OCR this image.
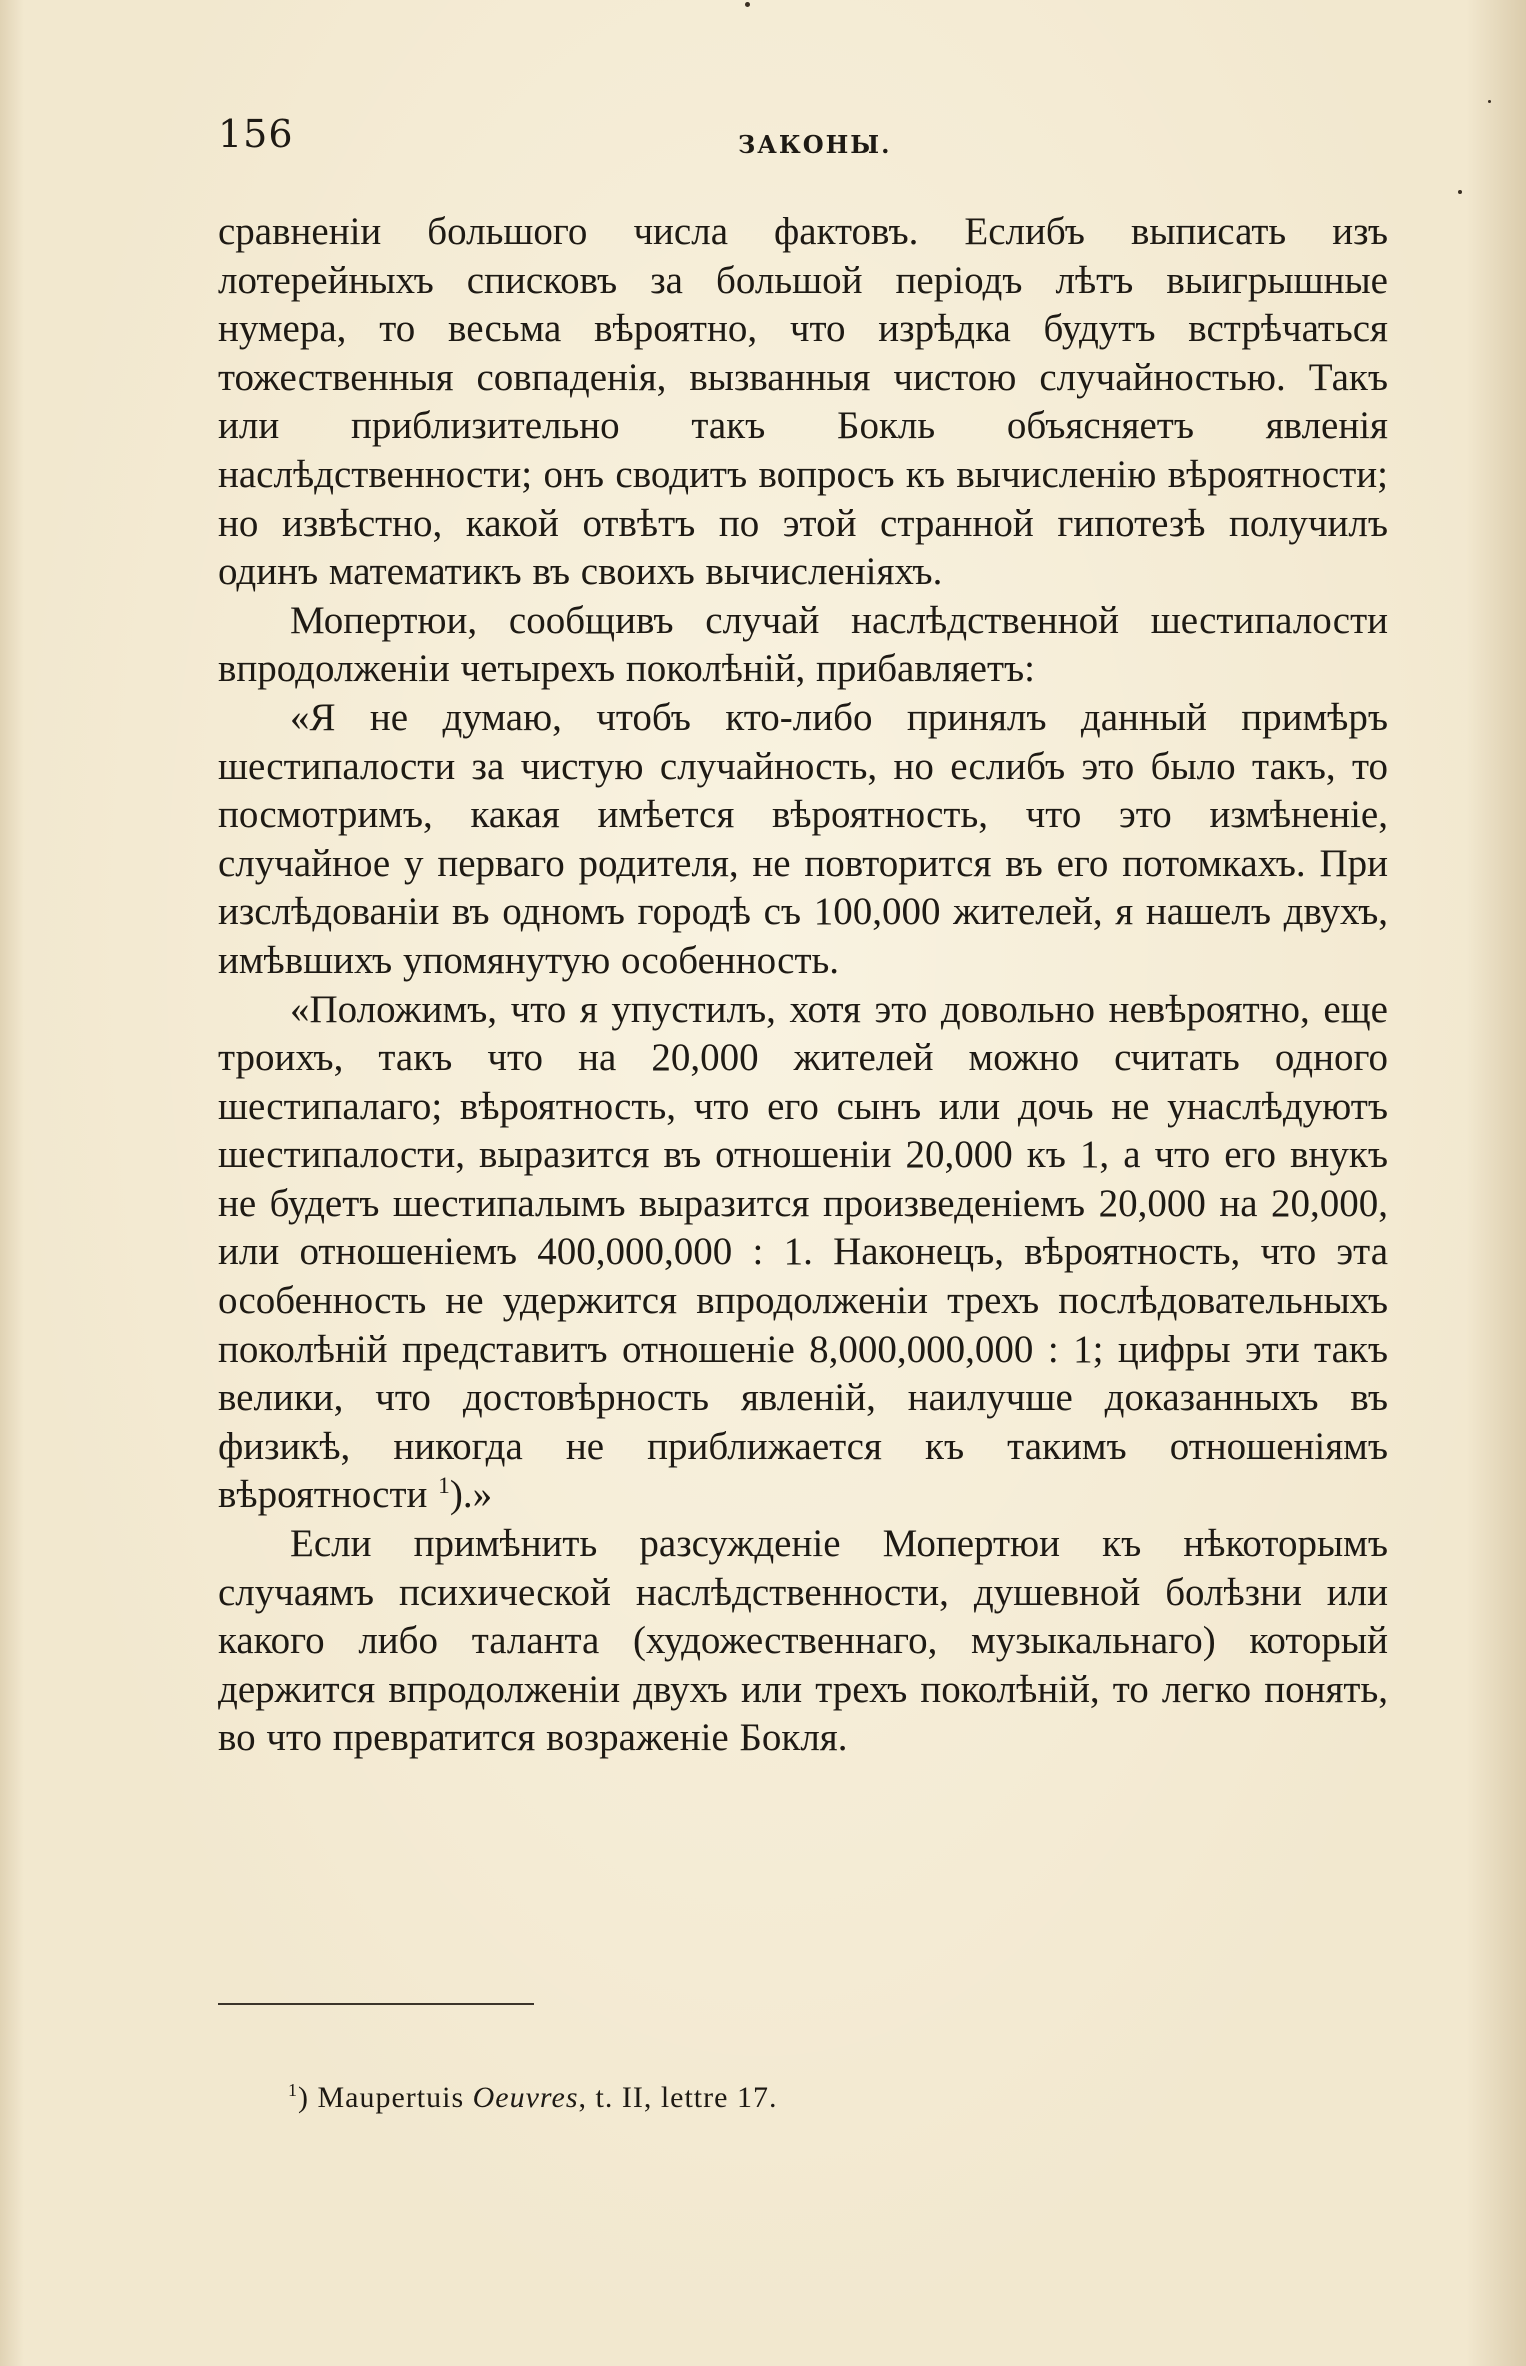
156	ЗАКОНЫ.

сравненіи большого числа фактовъ. Еслибъ выписать изъ лотерейныхъ списковъ за большой періодъ лѣтъ выигрышные нумера, то весьма вѣроятно, что изрѣдка будутъ встрѣчаться тожественныя совпаденія, вызванныя чистою случайностью. Такъ или приблизительно такъ Бокль объясняетъ явленія наслѣдственности; онъ сводитъ вопросъ къ вычисленію вѣроятности; но извѣстно, какой отвѣтъ по этой странной гипотезѣ получилъ одинъ математикъ въ своихъ вычисленіяхъ.

Мопертюи, сообщивъ случай наслѣдственной шестипалости впродолженіи четырехъ поколѣній, прибавляетъ:

«Я не думаю, чтобъ кто-либо принялъ данный примѣръ шестипалости за чистую случайность, но еслибъ это было такъ, то посмотримъ, какая имѣется вѣроятность, что это измѣненіе, случайное у перваго родителя, не повторится въ его потомкахъ. При изслѣдованіи въ одномъ городѣ съ 100,000 жителей, я нашелъ двухъ, имѣвшихъ упомянутую особенность.

«Положимъ, что я упустилъ, хотя это довольно невѣроятно, еще троихъ, такъ что на 20,000 жителей можно считать одного шестипалаго; вѣроятность, что его сынъ или дочь не унаслѣдуютъ шестипалости, выразится въ отношеніи 20,000 къ 1, а что его внукъ не будетъ шестипалымъ выразится произведеніемъ 20,000 на 20,000, или отношеніемъ 400,000,000 : 1. Наконецъ, вѣроятность, что эта особенность не удержится впродолженіи трехъ послѣдовательныхъ поколѣній представитъ отношеніе 8,000,000,000 : 1; цифры эти такъ велики, что достовѣрность явленій, наилучше доказанныхъ въ физикѣ, никогда не приближается къ такимъ отношеніямъ вѣроятности $^1$).»

Если примѣнить разсужденіе Мопертюи къ нѣкоторымъ случаямъ психической наслѣдственности, душевной болѣзни или какого либо таланта (художественнаго, музыкальнаго) который держится впродолженіи двухъ или трехъ поколѣній, то легко понять, во что превратится возраженіе Бокля.

$^1$) Maupertuis Oeuvres, t. II, lettre 17.
